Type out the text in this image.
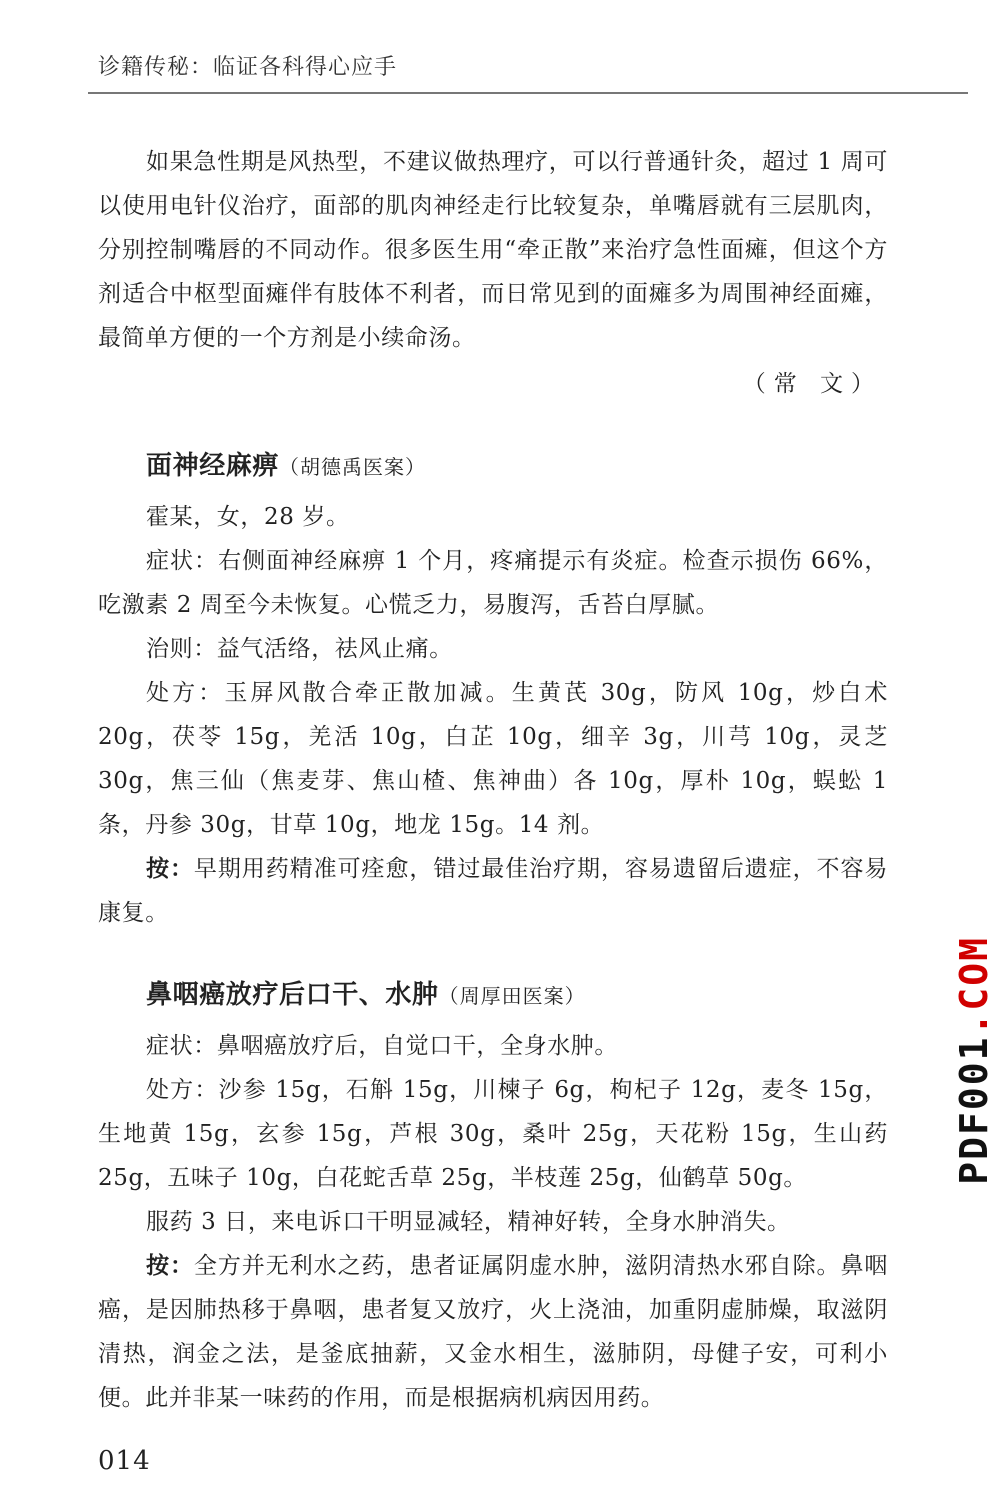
诊籍传秘：临证各科得心应手

如果急性期是风热型，不建议做热理疗，可以行普通针灸，超过 1 周可以使用电针仪治疗，面部的肌肉神经走行比较复杂，单嘴唇就有三层肌肉，分别控制嘴唇的不同动作。很多医生用“牵正散”来治疗急性面瘫，但这个方剂适合中枢型面瘫伴有肢体不利者，而日常见到的面瘫多为周围神经面瘫，最简单方便的一个方剂是小续命汤。

（常 文）

面神经麻痹（胡德禹医案）

霍某，女，28 岁。

症状：右侧面神经麻痹 1 个月，疼痛提示有炎症。检查示损伤 66%，吃激素 2 周至今未恢复。心慌乏力，易腹泻，舌苔白厚腻。

治则：益气活络，祛风止痛。

处方：玉屏风散合牵正散加减。生黄芪 30g，防风 10g，炒白术 20g，茯苓 15g，羌活 10g，白芷 10g，细辛 3g，川芎 10g，灵芝 30g，焦三仙（焦麦芽、焦山楂、焦神曲）各 10g，厚朴 10g，蜈蚣 1 条，丹参 30g，甘草 10g，地龙 15g。14 剂。

按：早期用药精准可痊愈，错过最佳治疗期，容易遗留后遗症，不容易康复。

鼻咽癌放疗后口干、水肿（周厚田医案）

症状：鼻咽癌放疗后，自觉口干，全身水肿。

处方：沙参 15g，石斛 15g，川楝子 6g，枸杞子 12g，麦冬 15g，生地黄 15g，玄参 15g，芦根 30g，桑叶 25g，天花粉 15g，生山药 25g，五味子 10g，白花蛇舌草 25g，半枝莲 25g，仙鹤草 50g。

服药 3 日，来电诉口干明显减轻，精神好转，全身水肿消失。

按：全方并无利水之药，患者证属阴虚水肿，滋阴清热水邪自除。鼻咽癌，是因肺热移于鼻咽，患者复又放疗，火上浇油，加重阴虚肺燥，取滋阴清热，润金之法，是釜底抽薪，又金水相生，滋肺阴，母健子安，可利小便。此并非某一味药的作用，而是根据病机病因用药。

PDF001.COM
014
